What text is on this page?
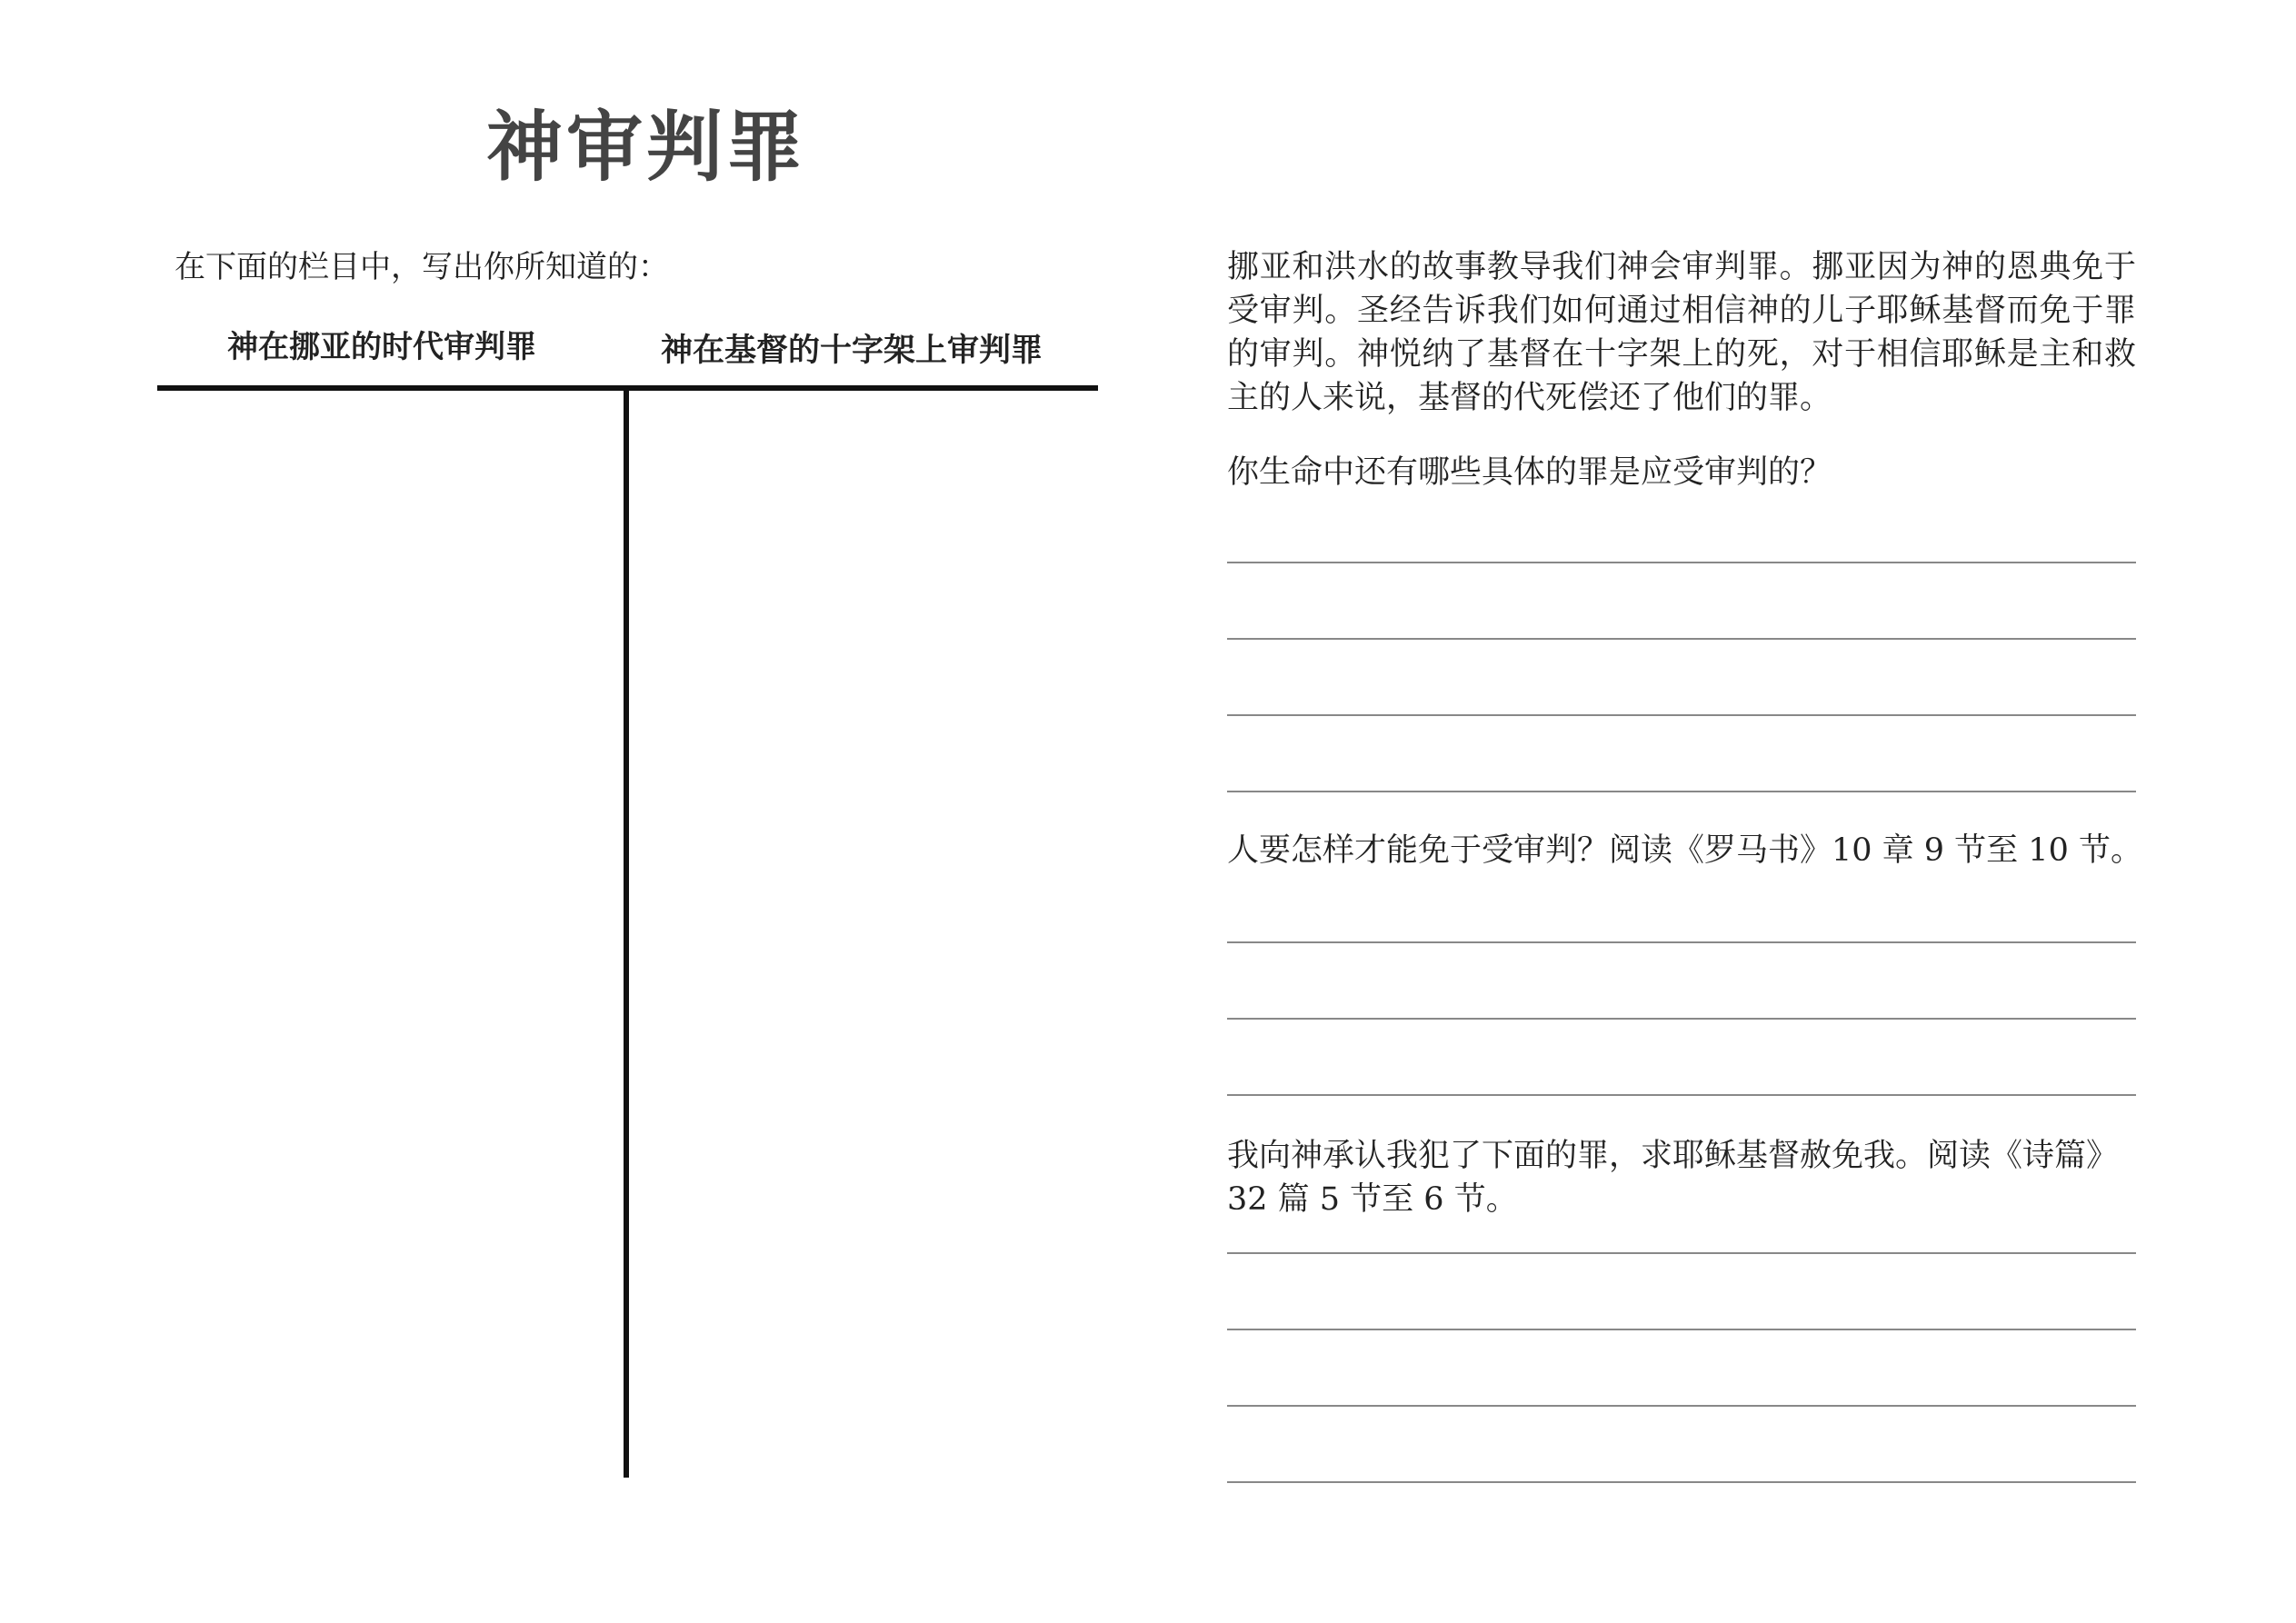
神审判罪
在下面的栏目中，写出你所知道的：
神在挪亚的时代审判罪	神在基督的十字架上审判罪
挪亚和洪水的故事教导我们神会审判罪。挪亚因为神的恩典免于受审判。圣经告诉我们如何通过相信神的儿子耶稣基督而免于罪的审判。神悦纳了基督在十字架上的死，对于相信耶稣是主和救主的人来说，基督的代死偿还了他们的罪。
你生命中还有哪些具体的罪是应受审判的？
人要怎样才能免于受审判？阅读《罗马书》10 章 9 节至 10 节。
我向神承认我犯了下面的罪，求耶稣基督赦免我。阅读《诗篇》32 篇 5 节至 6 节。
